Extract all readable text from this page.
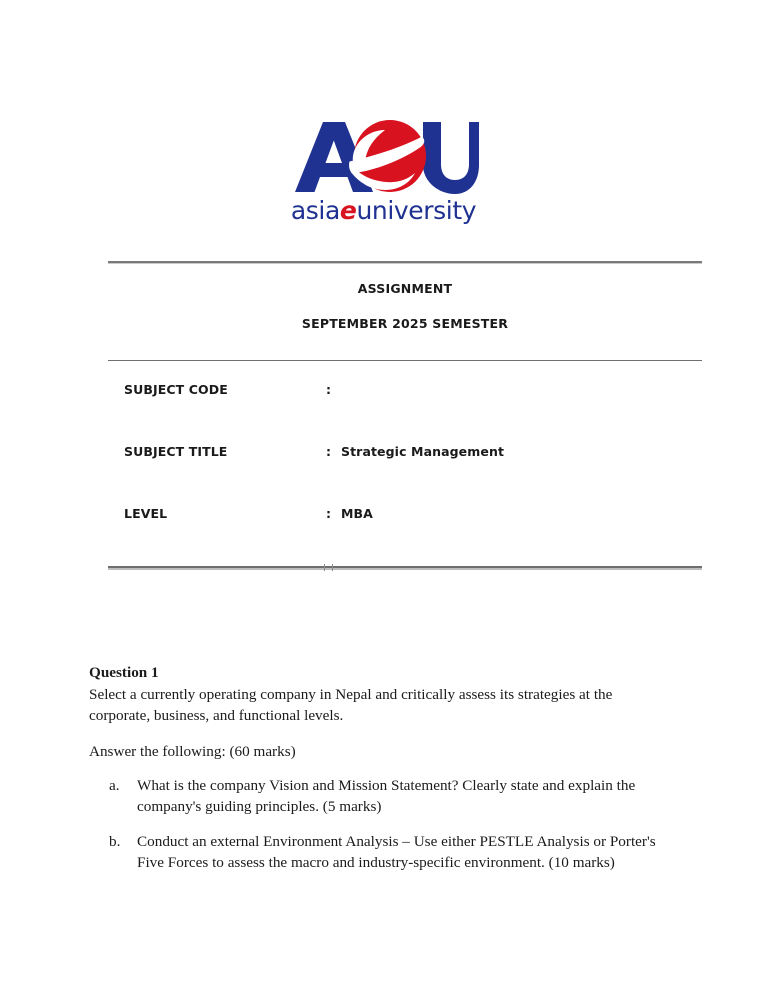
asiaeuniversity
ASSIGNMENT
SEPTEMBER 2025 SEMESTER
SUBJECT CODE	:
SUBJECT TITLE	: Strategic Management
LEVEL	: MBA

Question 1

Select a currently operating company in Nepal and critically assess its strategies at the corporate, business, and functional levels.

Answer the following: (60 marks)

a.	What is the company Vision and Mission Statement? Clearly state and explain the company's guiding principles. (5 marks)
b.	Conduct an external Environment Analysis – Use either PESTLE Analysis or Porter's Five Forces to assess the macro and industry-specific environment. (10 marks)
